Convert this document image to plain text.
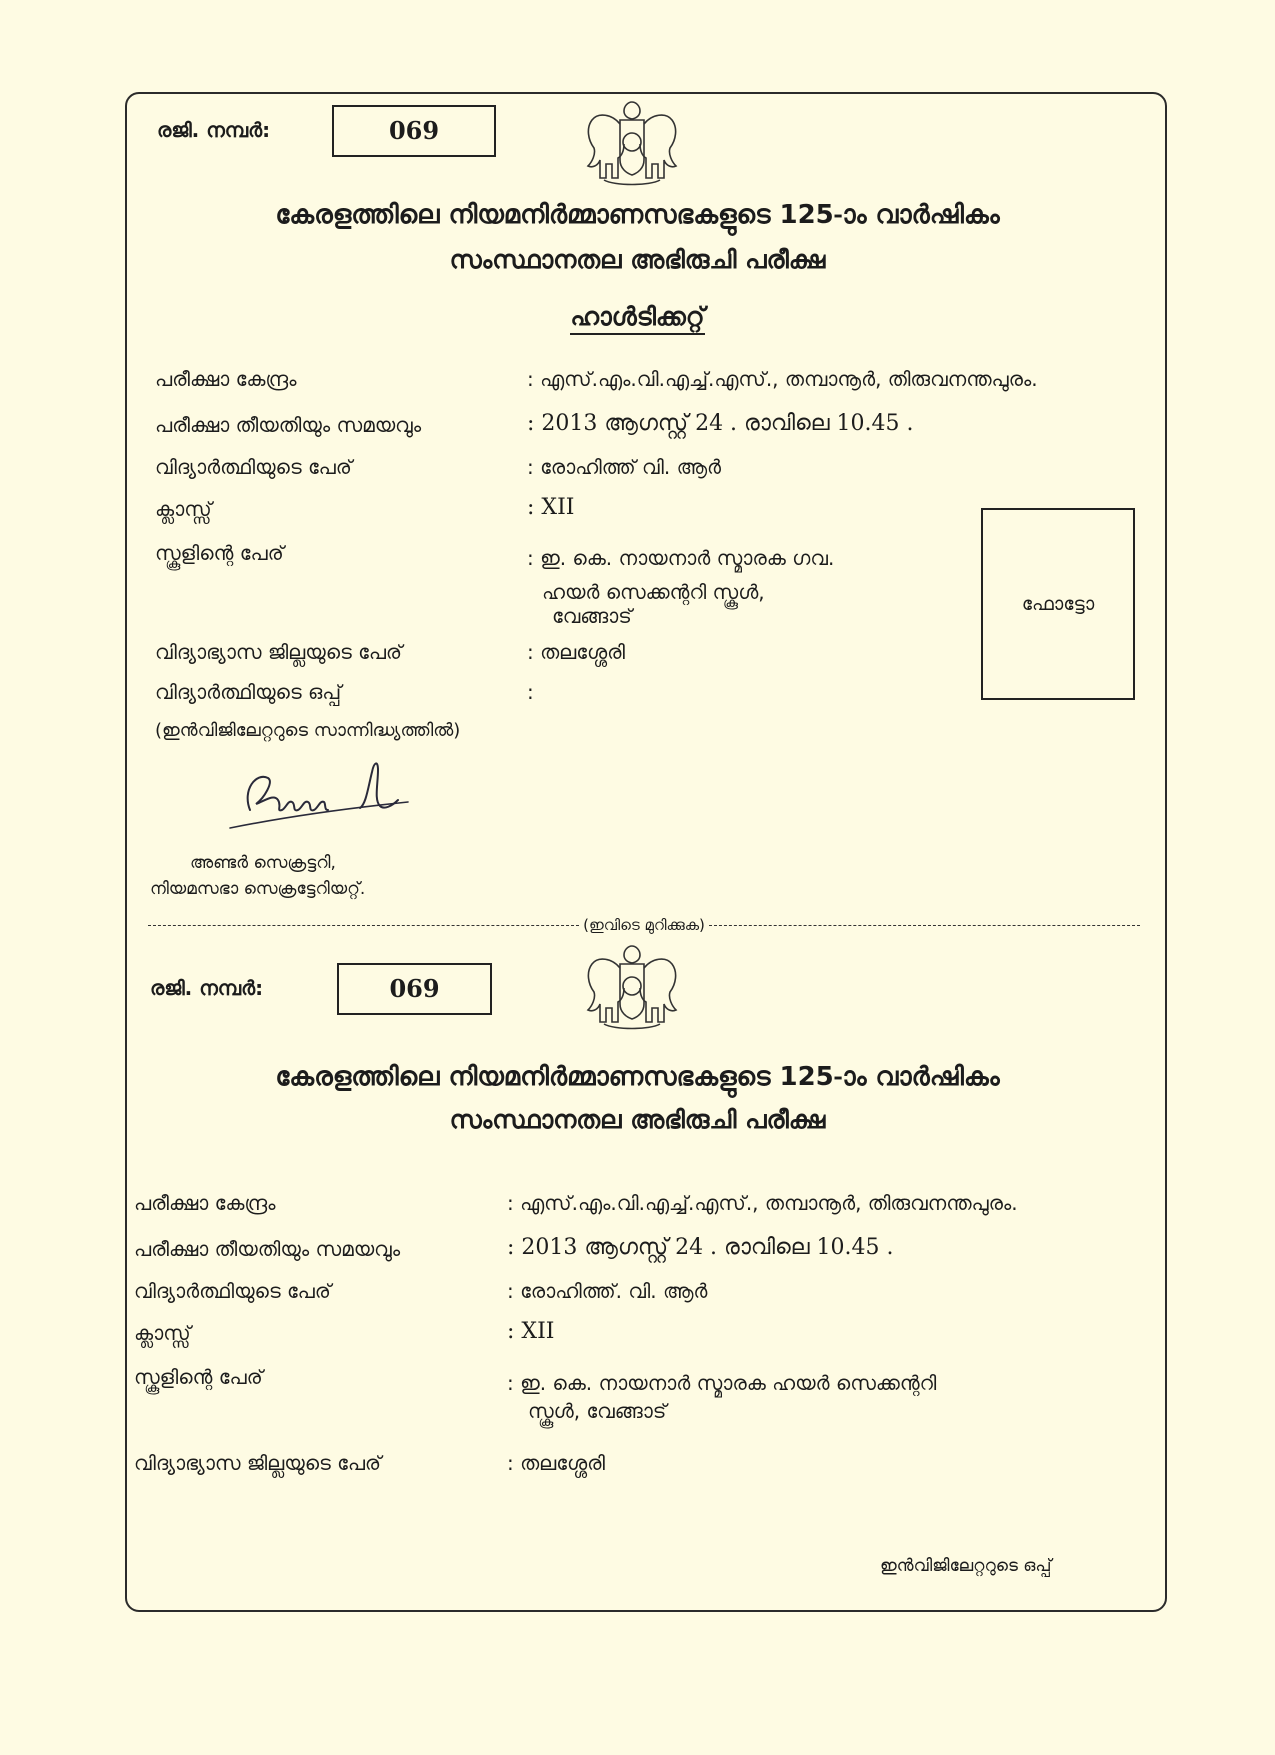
രജി. നമ്പർ:	069
കേരളത്തിലെ നിയമനിർമ്മാണസഭകളുടെ 125-ാം വാർഷികം
സംസ്ഥാനതല അഭിരുചി പരീക്ഷ
ഹാൾടിക്കറ്റ്
പരീക്ഷാ കേന്ദ്രം	: എസ്.എം.വി.എച്ച്.എസ്., തമ്പാനൂർ, തിരുവനന്തപുരം.
പരീക്ഷാ തീയതിയും സമയവും	: 2013 ആഗസ്റ്റ് 24 . രാവിലെ 10.45 .
വിദ്യാർത്ഥിയുടെ പേര്	: രോഹിത്ത് വി. ആർ
ക്ലാസ്സ്	: XII
സ്കൂളിന്റെ പേര്	: ഇ. കെ. നായനാർ സ്മാരക ഗവ.
ഹയർ സെക്കന്ററി സ്കൂൾ,
വേങ്ങാട്
വിദ്യാഭ്യാസ ജില്ലയുടെ പേര്	: തലശ്ശേരി
വിദ്യാർത്ഥിയുടെ ഒപ്പ്	:
(ഇൻവിജിലേറ്ററുടെ സാന്നിദ്ധ്യത്തിൽ)
ഫോട്ടോ
അണ്ടർ സെക്രട്ടറി,
നിയമസഭാ സെക്രട്ടേറിയറ്റ്.
(ഇവിടെ മുറിക്കുക)
രജി. നമ്പർ:	069
കേരളത്തിലെ നിയമനിർമ്മാണസഭകളുടെ 125-ാം വാർഷികം
സംസ്ഥാനതല അഭിരുചി പരീക്ഷ
പരീക്ഷാ കേന്ദ്രം	: എസ്.എം.വി.എച്ച്.എസ്., തമ്പാനൂർ, തിരുവനന്തപുരം.
പരീക്ഷാ തീയതിയും സമയവും	: 2013 ആഗസ്റ്റ് 24 . രാവിലെ 10.45 .
വിദ്യാർത്ഥിയുടെ പേര്	: രോഹിത്ത്. വി. ആർ
ക്ലാസ്സ്	: XII
സ്കൂളിന്റെ പേര്	: ഇ. കെ. നായനാർ സ്മാരക ഹയർ സെക്കന്ററി
സ്കൂൾ, വേങ്ങാട്
വിദ്യാഭ്യാസ ജില്ലയുടെ പേര്	: തലശ്ശേരി
ഇൻവിജിലേറ്ററുടെ ഒപ്പ്
